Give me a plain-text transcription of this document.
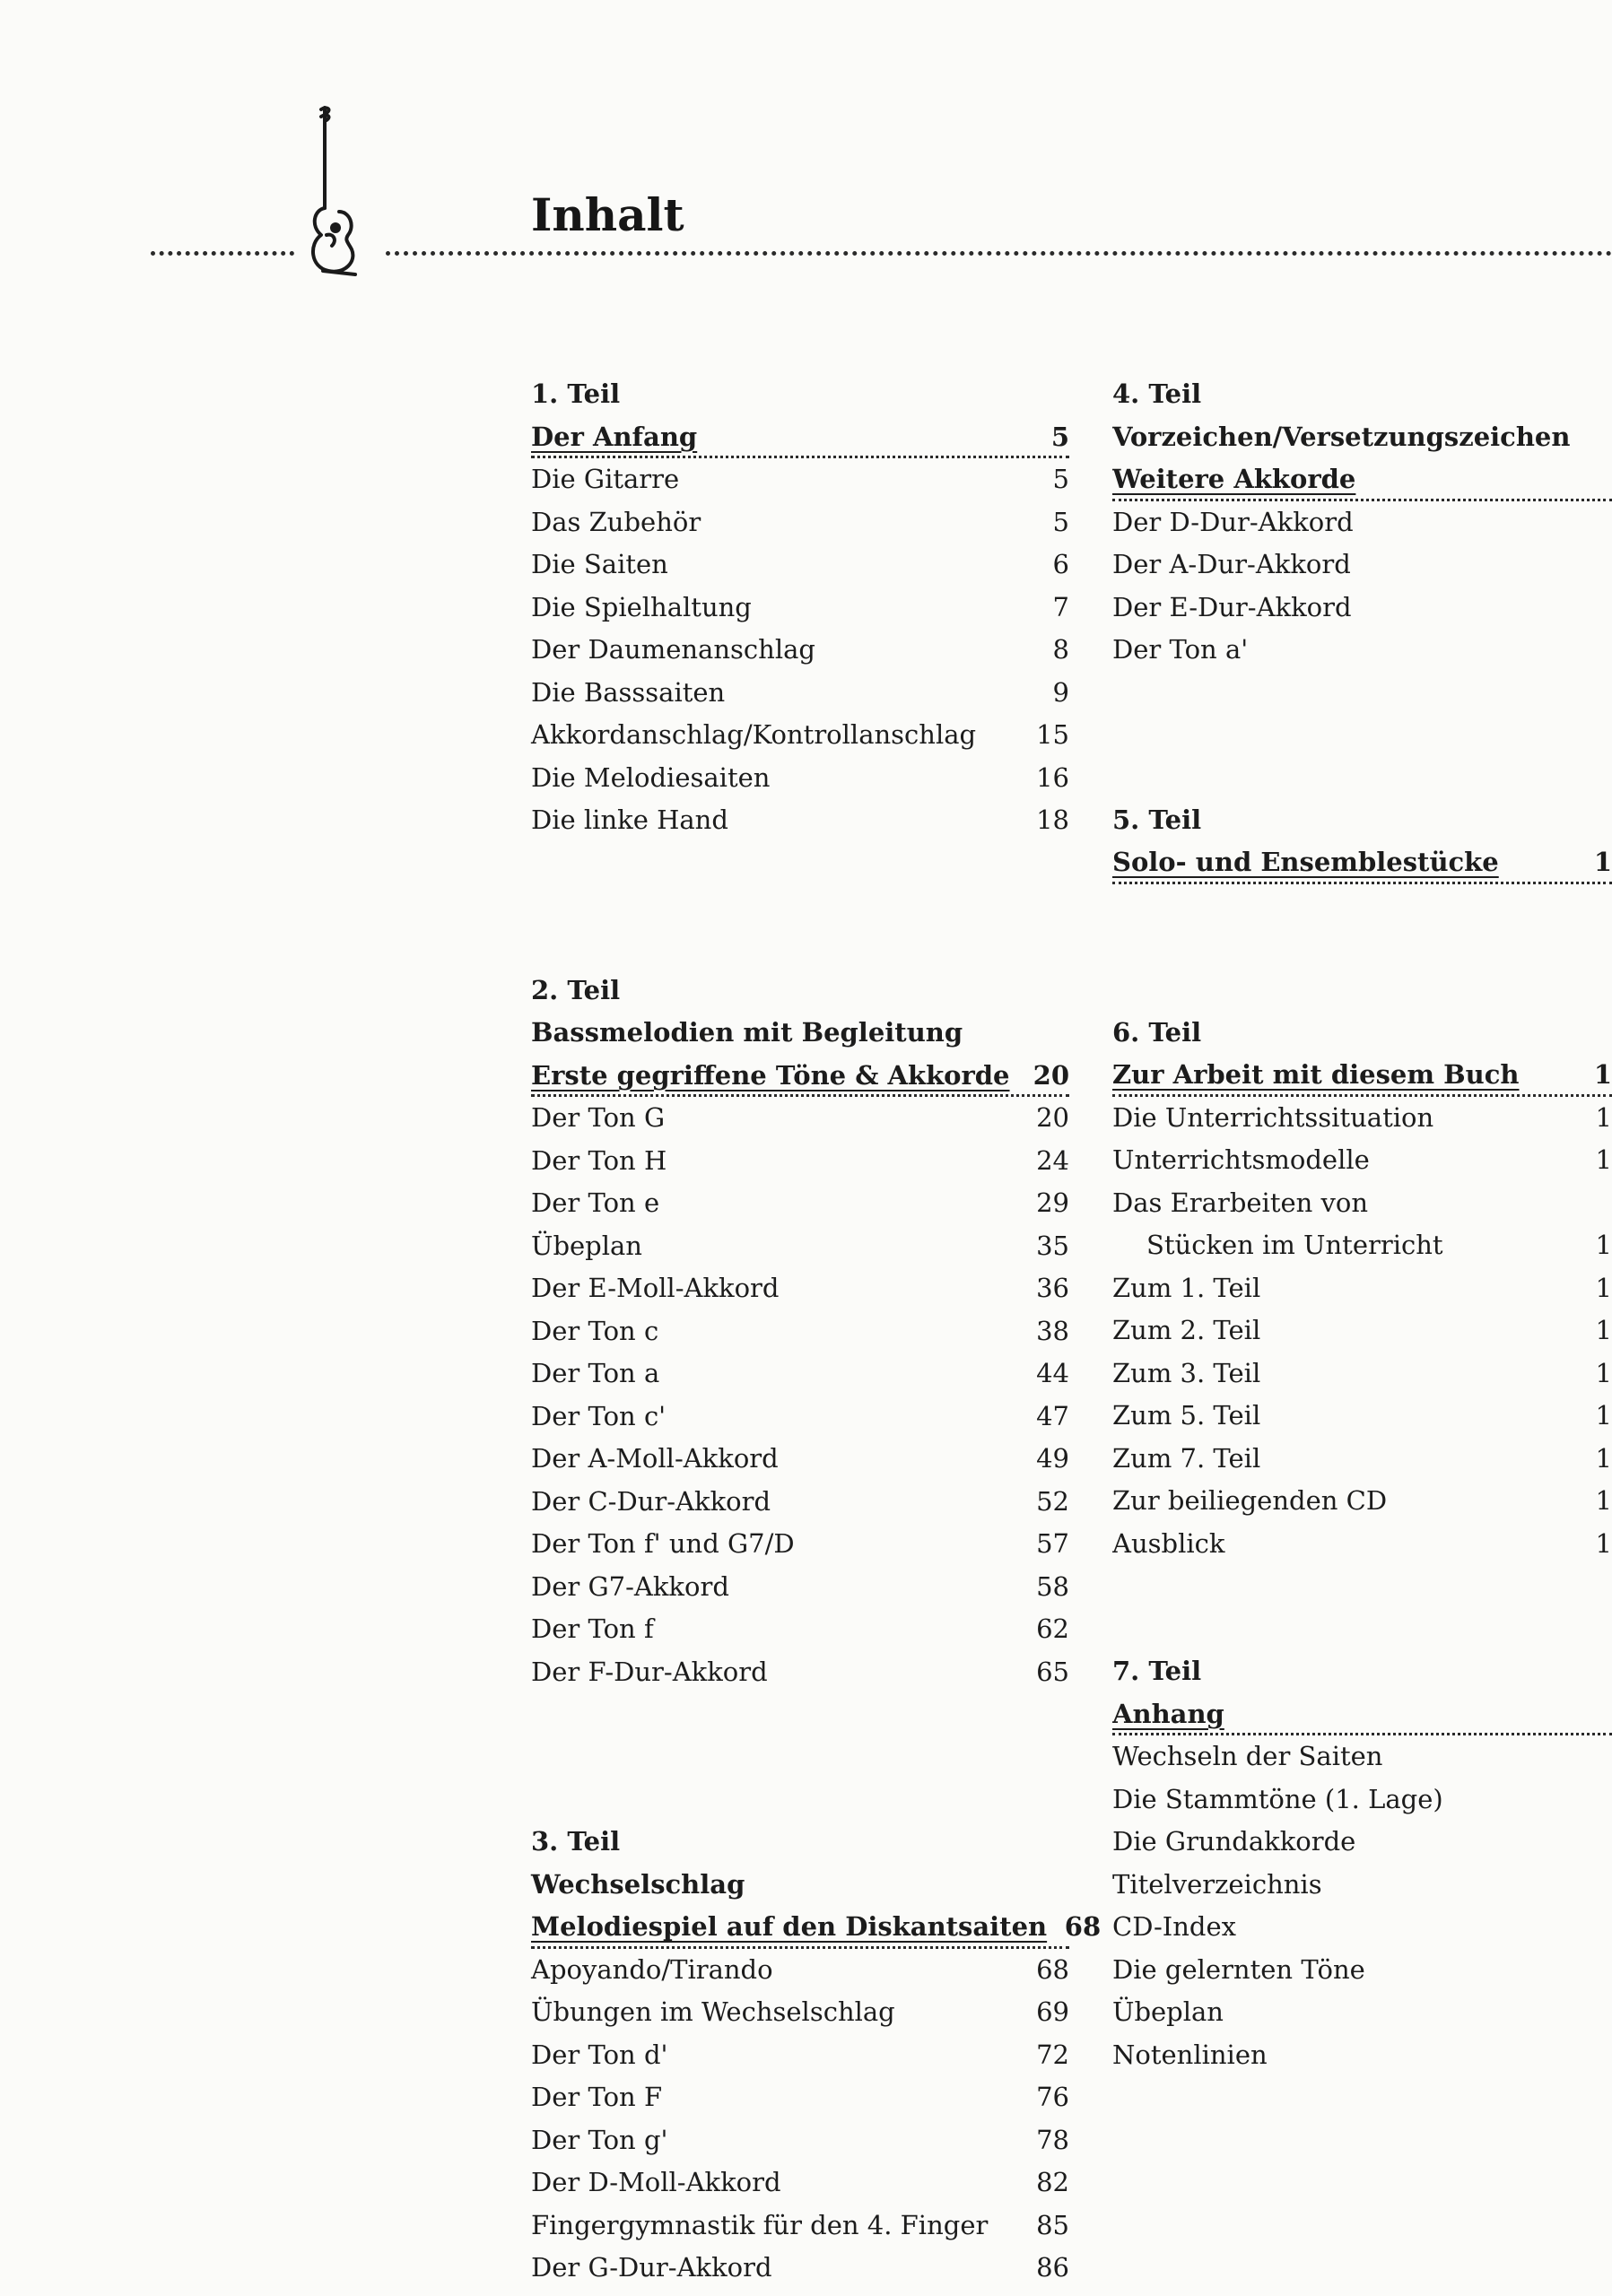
Inhalt
1. Teil
Der Anfang	5
Die Gitarre	5
Das Zubehör	5
Die Saiten	6
Die Spielhaltung	7
Der Daumenanschlag	8
Die Basssaiten	9
Akkordanschlag/Kontrollanschlag	15
Die Melodiesaiten	16
Die linke Hand	18
2. Teil
Bassmelodien mit Begleitung
Erste gegriffene Töne & Akkorde 20
Der Ton G	20
Der Ton H	24
Der Ton e	29
Übeplan	35
Der E-Moll-Akkord	36
Der Ton c	38
Der Ton a	44
Der Ton c'	47
Der A-Moll-Akkord	49
Der C-Dur-Akkord	52
Der Ton f' und G7/D	57
Der G7-Akkord	58
Der Ton f	62
Der F-Dur-Akkord	65
3. Teil
Wechselschlag
Melodiespiel auf den Diskantsaiten 68
Apoyando/Tirando	68
Übungen im Wechselschlag	69
Der Ton d'	72
Der Ton F	76
Der Ton g'	78
Der D-Moll-Akkord	82
Fingergymnastik für den 4. Finger	85
Der G-Dur-Akkord	86
4. Teil
Vorzeichen/Versetzungszeichen
Weitere Akkorde
Der D-Dur-Akkord
Der A-Dur-Akkord
Der E-Dur-Akkord
Der Ton a'
5. Teil
Solo- und Ensemblestücke	1
6. Teil
Zur Arbeit mit diesem Buch	1
Die Unterrichtssituation	1
Unterrichtsmodelle	1
Das Erarbeiten von
Stücken im Unterricht	1
Zum 1. Teil	1
Zum 2. Teil	1
Zum 3. Teil	1
Zum 5. Teil	1
Zum 7. Teil	1
Zur beiliegenden CD	1
Ausblick	1
7. Teil
Anhang
Wechseln der Saiten
Die Stammtöne (1. Lage)
Die Grundakkorde
Titelverzeichnis
CD-Index
Die gelernten Töne
Übeplan
Notenlinien
